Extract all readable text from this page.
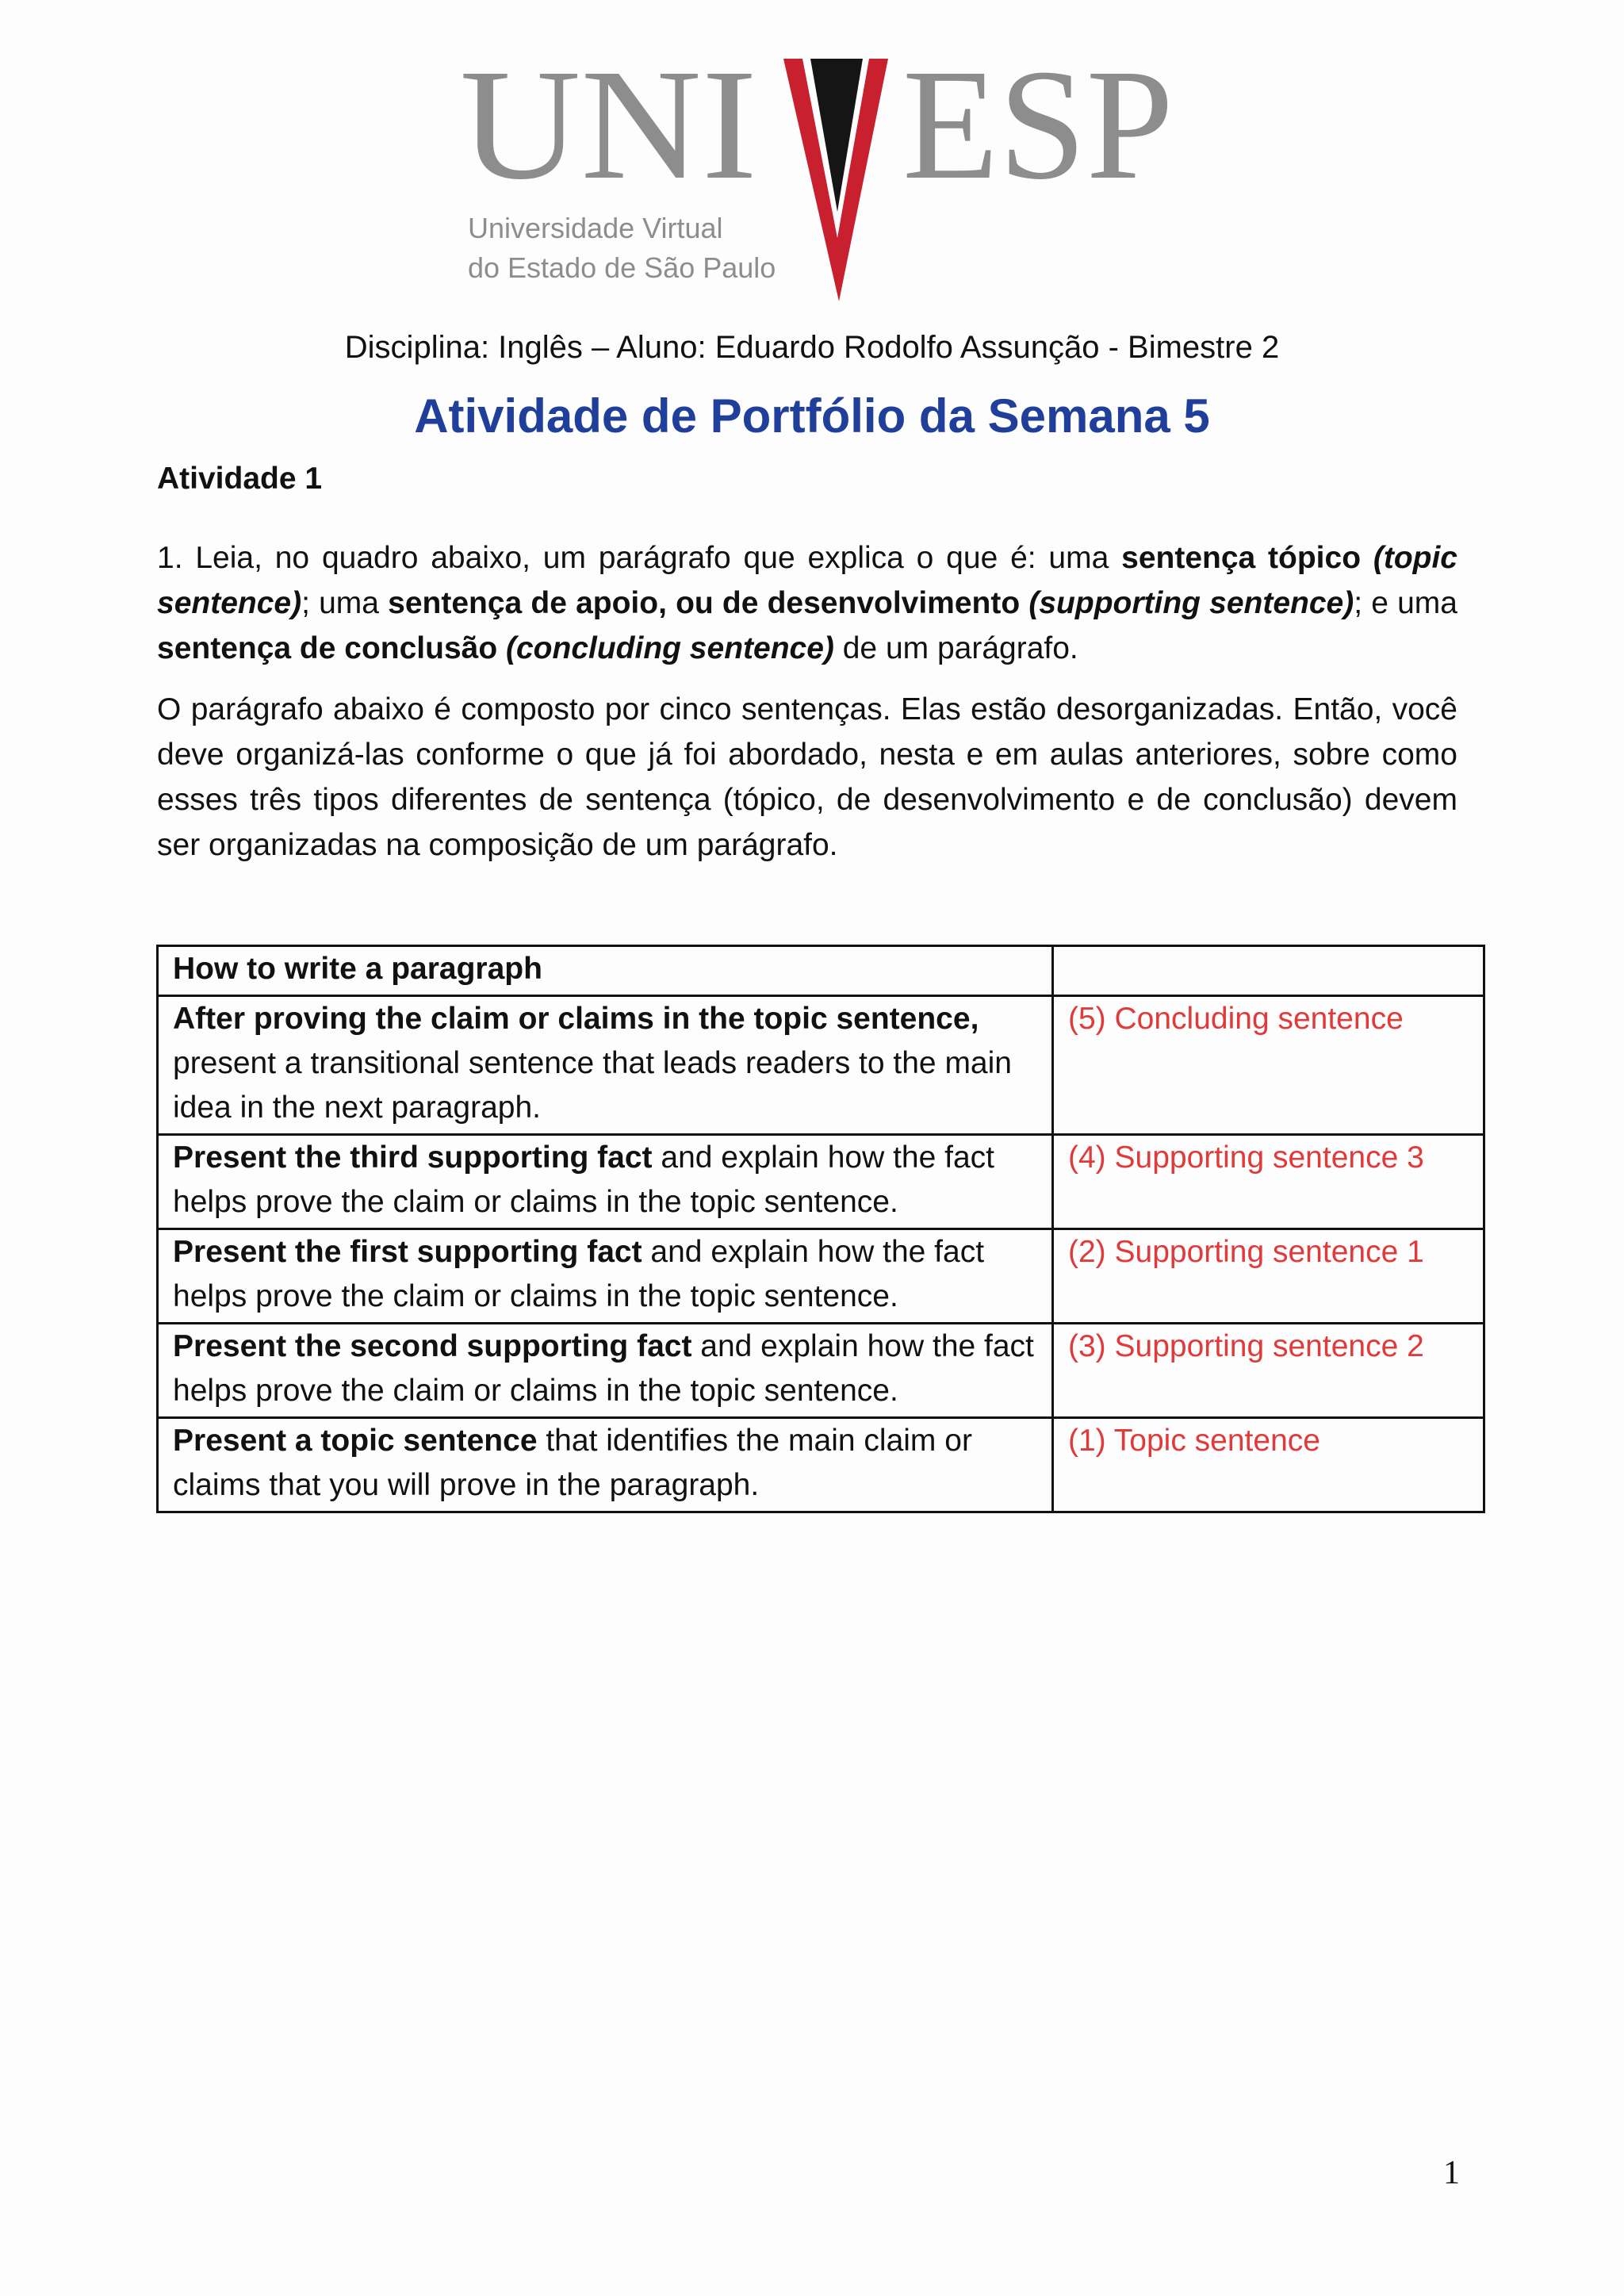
UNI ESP
Universidade Virtual
do Estado de São Paulo
Disciplina: Inglês – Aluno: Eduardo Rodolfo Assunção - Bimestre 2
Atividade de Portfólio da Semana 5
Atividade 1
1. Leia, no quadro abaixo, um parágrafo que explica o que é: uma sentença tópico (topic sentence); uma sentença de apoio, ou de desenvolvimento (supporting sentence); e uma sentença de conclusão (concluding sentence) de um parágrafo.
O parágrafo abaixo é composto por cinco sentenças. Elas estão desorganizadas. Então, você deve organizá-las conforme o que já foi abordado, nesta e em aulas anteriores, sobre como esses três tipos diferentes de sentença (tópico, de desenvolvimento e de conclusão) devem ser organizadas na composição de um parágrafo.
How to write a paragraph	
After proving the claim or claims in the topic sentence, present a transitional sentence that leads readers to the main idea in the next paragraph.	(5) Concluding sentence
Present the third supporting fact and explain how the fact helps prove the claim or claims in the topic sentence.	(4) Supporting sentence 3
Present the first supporting fact and explain how the fact helps prove the claim or claims in the topic sentence.	(2) Supporting sentence 1
Present the second supporting fact and explain how the fact helps prove the claim or claims in the topic sentence.	(3) Supporting sentence 2
Present a topic sentence that identifies the main claim or claims that you will prove in the paragraph.	(1) Topic sentence
1
